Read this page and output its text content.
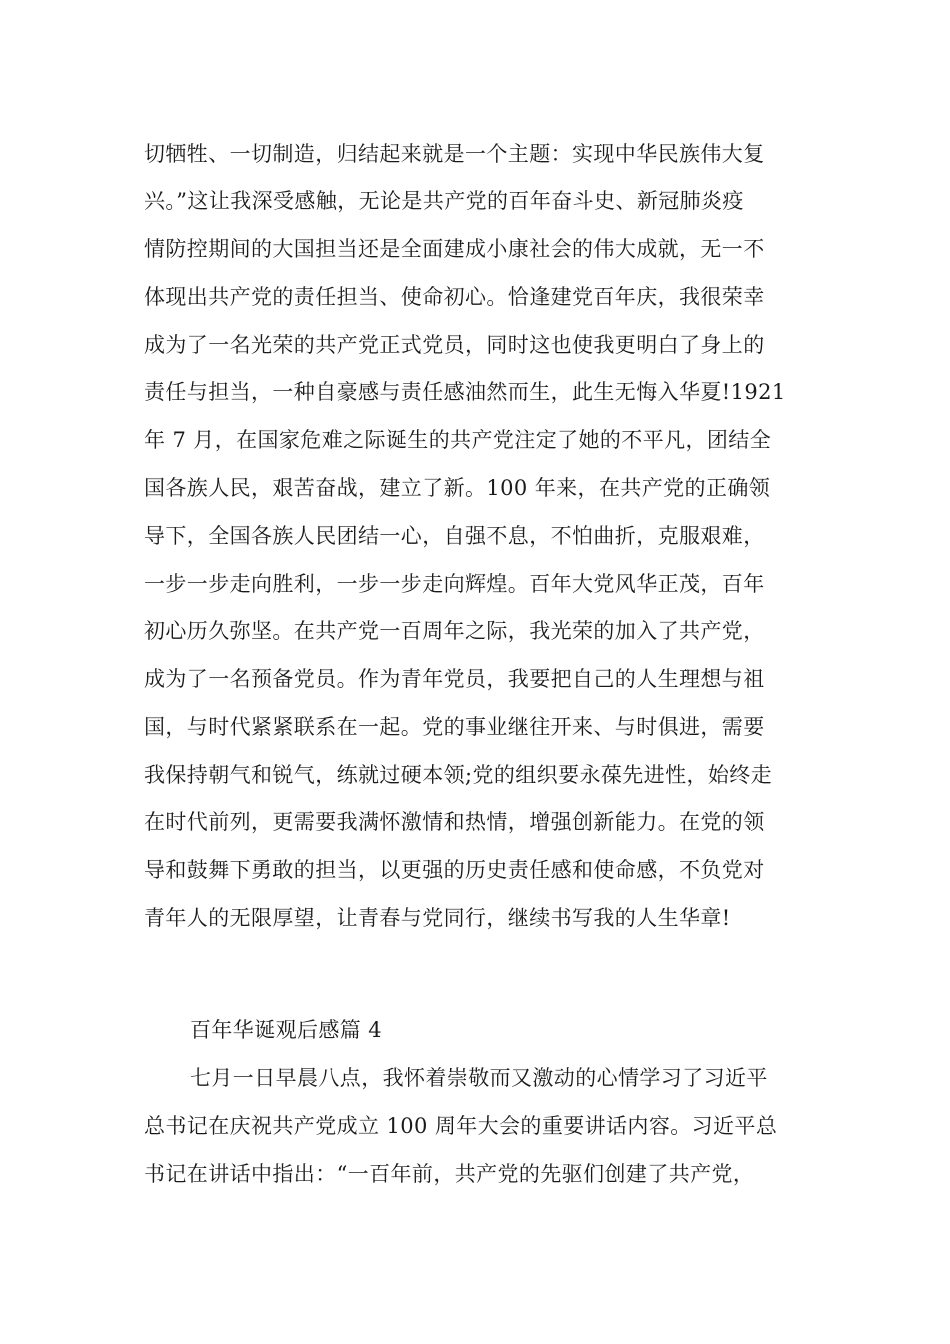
切牺牲、一切制造，归结起来就是一个主题：实现中华民族伟大复
兴。”这让我深受感触，无论是共产党的百年奋斗史、新冠肺炎疫
情防控期间的大国担当还是全面建成小康社会的伟大成就，无一不
体现出共产党的责任担当、使命初心。恰逢建党百年庆，我很荣幸
成为了一名光荣的共产党正式党员，同时这也使我更明白了身上的
责任与担当，一种自豪感与责任感油然而生，此生无悔入华夏!1921
年 7 月，在国家危难之际诞生的共产党注定了她的不平凡，团结全
国各族人民，艰苦奋战，建立了新。100 年来，在共产党的正确领
导下，全国各族人民团结一心，自强不息，不怕曲折，克服艰难，
一步一步走向胜利，一步一步走向辉煌。百年大党风华正茂，百年
初心历久弥坚。在共产党一百周年之际，我光荣的加入了共产党，
成为了一名预备党员。作为青年党员，我要把自己的人生理想与祖
国，与时代紧紧联系在一起。党的事业继往开来、与时俱进，需要
我保持朝气和锐气，练就过硬本领;党的组织要永葆先进性，始终走
在时代前列，更需要我满怀激情和热情，增强创新能力。在党的领
导和鼓舞下勇敢的担当，以更强的历史责任感和使命感，不负党对
青年人的无限厚望，让青春与党同行，继续书写我的人生华章!
百年华诞观后感篇 4
七月一日早晨八点，我怀着崇敬而又激动的心情学习了习近平
总书记在庆祝共产党成立 100 周年大会的重要讲话内容。习近平总
书记在讲话中指出：“一百年前，共产党的先驱们创建了共产党，
